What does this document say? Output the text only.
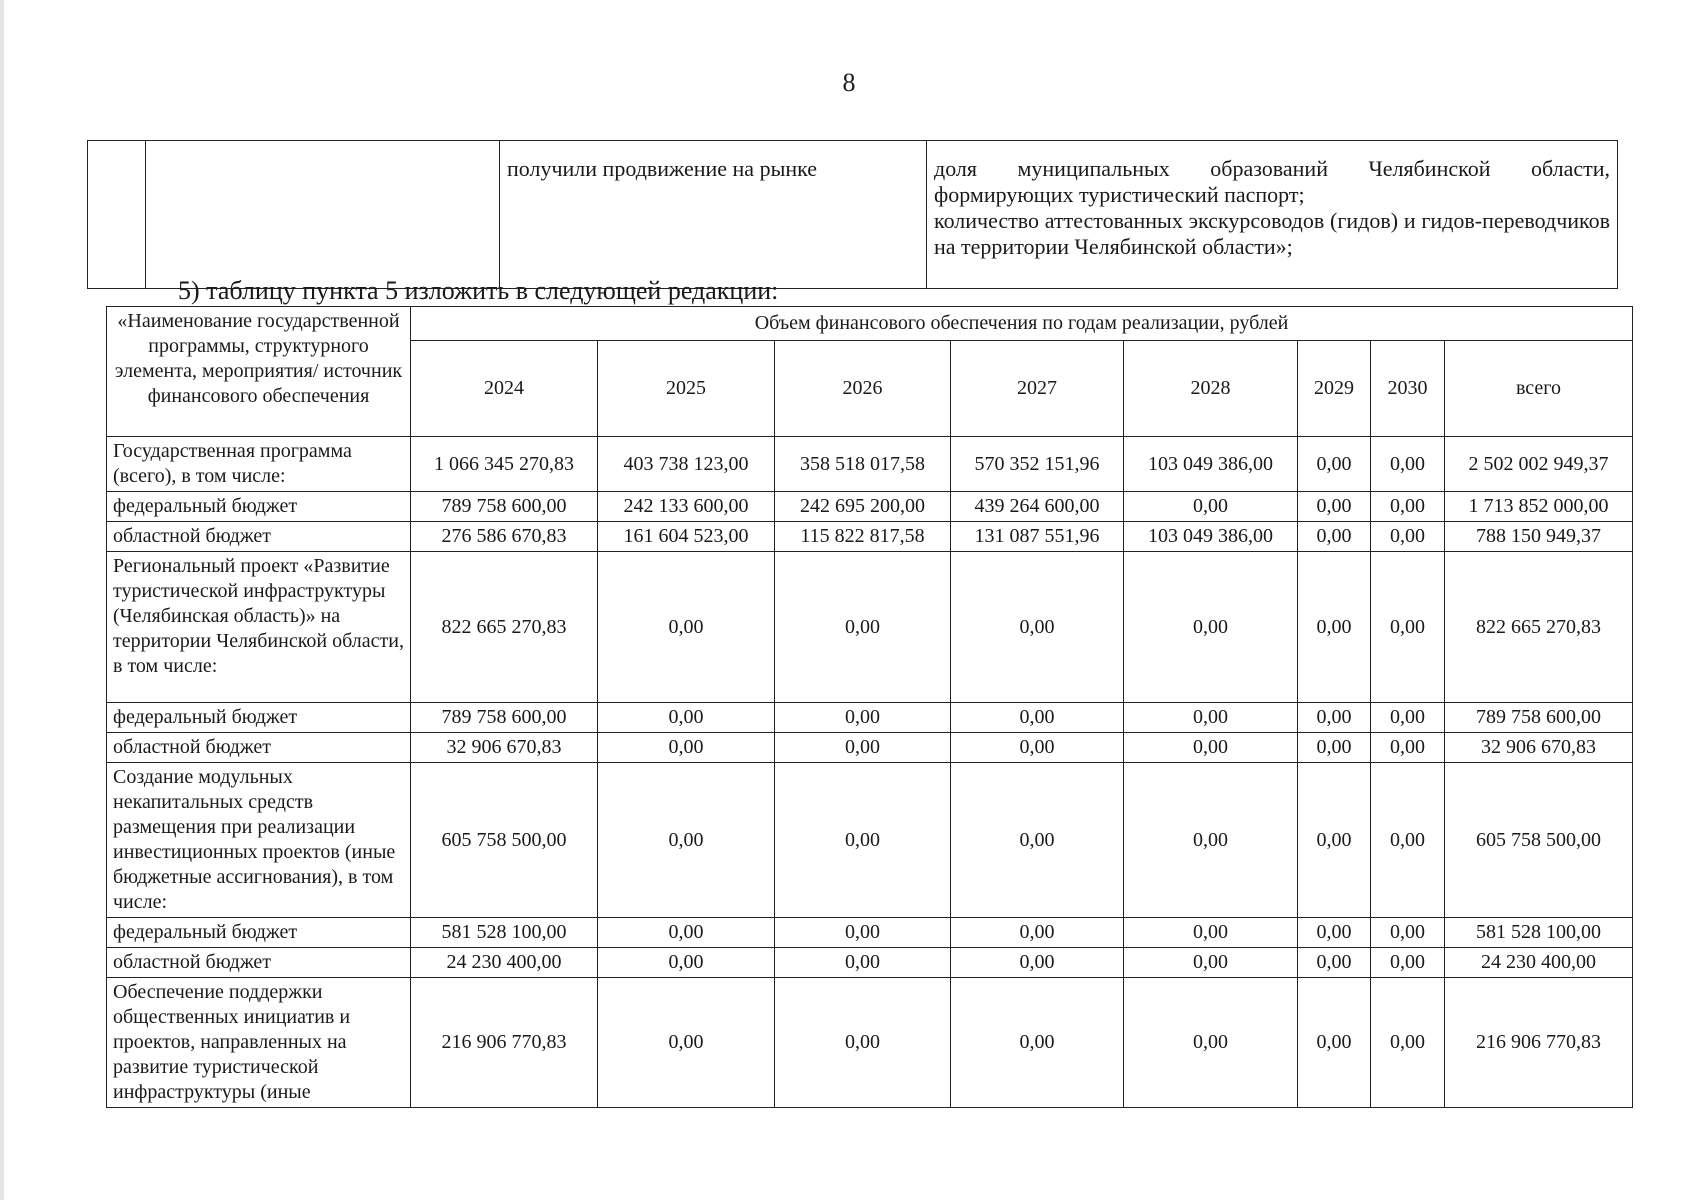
8
		получили продвижение на рынке	доля муниципальных образований Челябинской области, формирующих туристический паспорт;
количество аттестованных экскурсоводов (гидов) и гидов-переводчиков на территории Челябинской области»;
5) таблицу пункта 5 изложить в следующей редакции:
«Наименование государственной программы, структурного элемента, мероприятия/ источник финансового обеспечения	Объем финансового обеспечения по годам реализации, рублей							
	2024	2025	2026	2027	2028	2029	2030	всего
Государственная программа (всего), в том числе:	1 066 345 270,83	403 738 123,00	358 518 017,58	570 352 151,96	103 049 386,00	0,00	0,00	2 502 002 949,37
федеральный бюджет	789 758 600,00	242 133 600,00	242 695 200,00	439 264 600,00	0,00	0,00	0,00	1 713 852 000,00
областной бюджет	276 586 670,83	161 604 523,00	115 822 817,58	131 087 551,96	103 049 386,00	0,00	0,00	788 150 949,37
Региональный проект «Развитие туристической инфраструктуры (Челябинская область)» на территории Челябинской области, в том числе:	822 665 270,83	0,00	0,00	0,00	0,00	0,00	0,00	822 665 270,83
федеральный бюджет	789 758 600,00	0,00	0,00	0,00	0,00	0,00	0,00	789 758 600,00
областной бюджет	32 906 670,83	0,00	0,00	0,00	0,00	0,00	0,00	32 906 670,83
Создание модульных некапитальных средств размещения при реализации инвестиционных проектов (иные бюджетные ассигнования), в том числе:	605 758 500,00	0,00	0,00	0,00	0,00	0,00	0,00	605 758 500,00
федеральный бюджет	581 528 100,00	0,00	0,00	0,00	0,00	0,00	0,00	581 528 100,00
областной бюджет	24 230 400,00	0,00	0,00	0,00	0,00	0,00	0,00	24 230 400,00
Обеспечение поддержки общественных инициатив и проектов, направленных на развитие туристической инфраструктуры (иные	216 906 770,83	0,00	0,00	0,00	0,00	0,00	0,00	216 906 770,83
